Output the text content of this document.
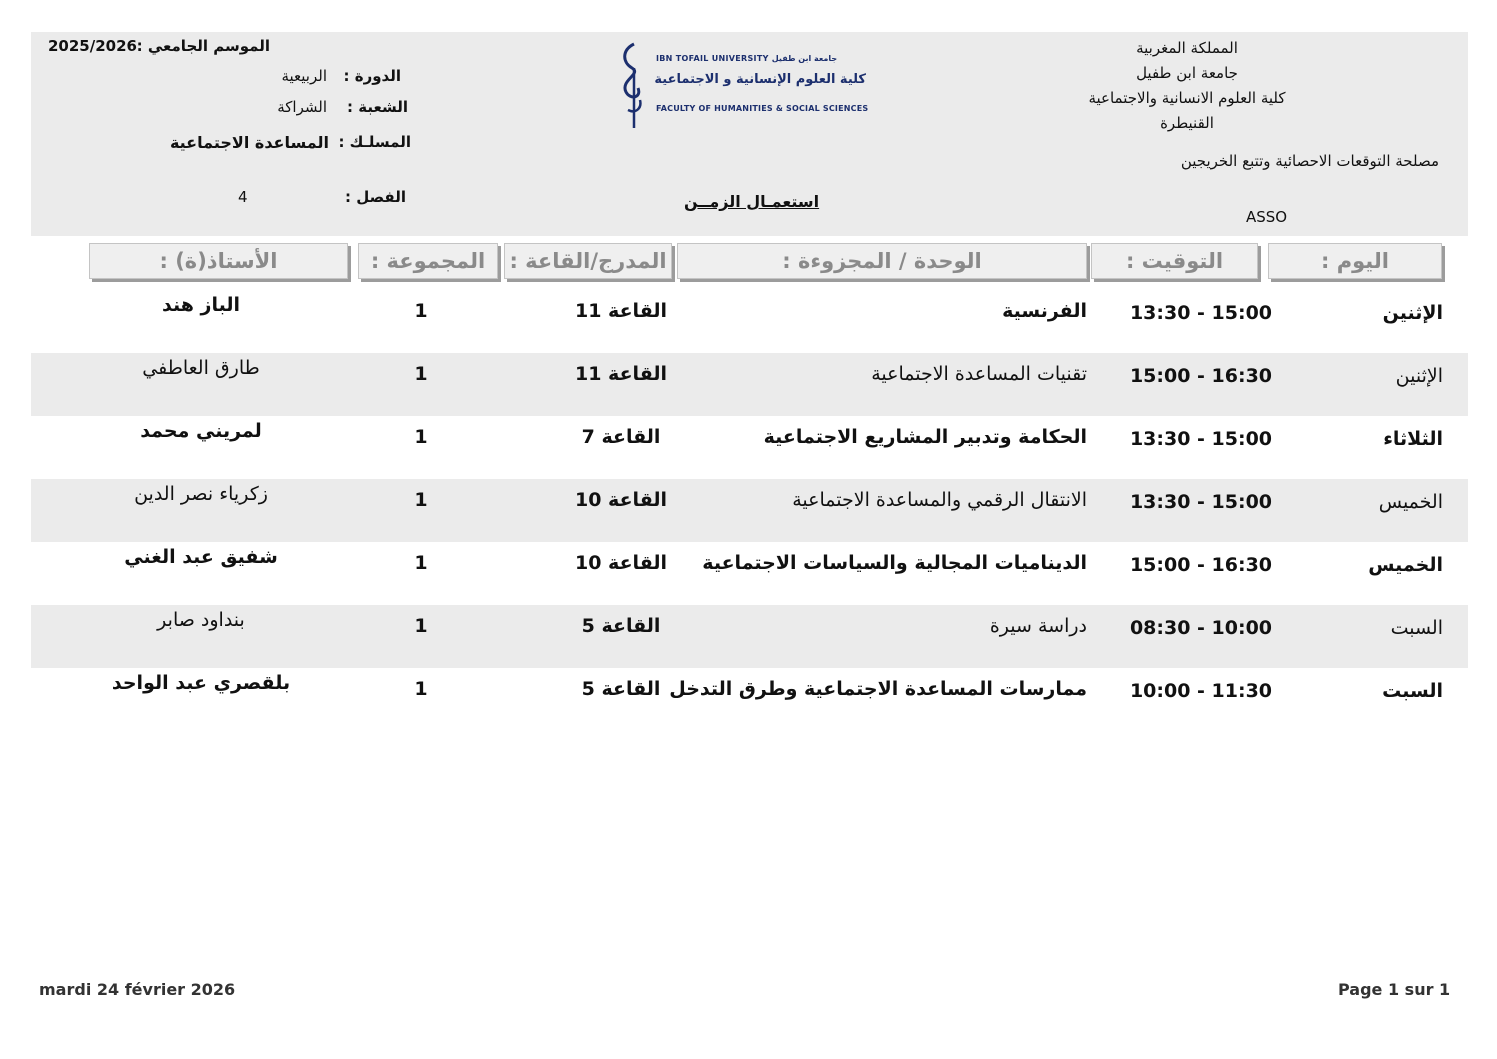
المملكة المغربية
جامعة ابن طفيل
كلية العلوم الانسانية والاجتماعية
القنيطرة
مصلحة التوقعات الاحصائية وتتبع الخريجين
ASSO
IBN TOFAIL UNIVERSITY جامعة ابن طفيل
كلية العلوم الإنسانية و الاجتماعية
FACULTY OF HUMANITIES & SOCIAL SCIENCES
الموسم الجامعي :
2025/2026
الدورة :
الربيعية
الشعبة :
الشراكة
المسلـك :
المساعدة الاجتماعية
الفصل :
4	استعمـال الزمــن
اليوم :
التوقيت :
الوحدة / المجزوءة :
المدرج/القاعة :
المجموعة :
الأستاذ(ة) :
الإثنين
13:30 - 15:00
الفرنسية
القاعة 11
1
الباز هند
الإثنين
15:00 - 16:30
تقنيات المساعدة الاجتماعية
القاعة 11
1
طارق العاطفي
الثلاثاء
13:30 - 15:00
الحكامة وتدبير المشاريع الاجتماعية
القاعة 7
1
لمريني محمد
الخميس
13:30 - 15:00
الانتقال الرقمي والمساعدة الاجتماعية
القاعة 10
1
زكرياء نصر الدين
الخميس
15:00 - 16:30
الديناميات المجالية والسياسات الاجتماعية
القاعة 10
1
شفيق عبد الغني
السبت
08:30 - 10:00
دراسة سيرة
القاعة 5
1
بنداود صابر
السبت
10:00 - 11:30
ممارسات المساعدة الاجتماعية وطرق التدخل
القاعة 5
1
بلقصري عبد الواحد
mardi 24 février 2026	Page 1 sur 1
